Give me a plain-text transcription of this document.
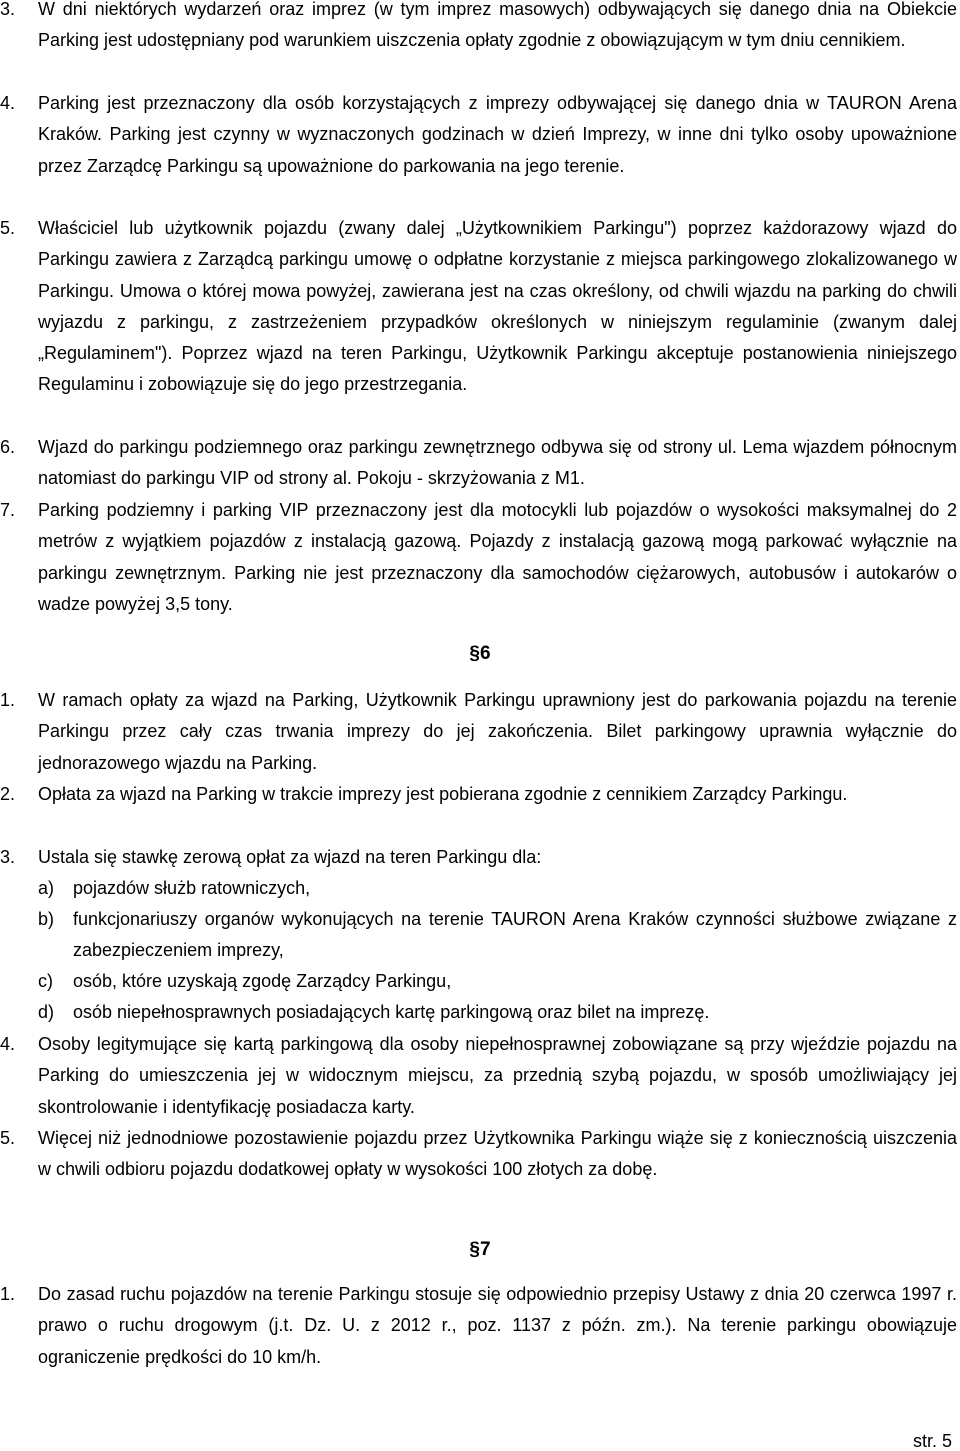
3. W dni niektórych wydarzeń oraz imprez (w tym imprez masowych) odbywających się danego dnia na Obiekcie Parking jest udostępniany pod warunkiem uiszczenia opłaty zgodnie z obowiązującym w tym dniu cennikiem.
4. Parking jest przeznaczony dla osób korzystających z imprezy odbywającej się danego dnia w TAURON Arena Kraków. Parking jest czynny w wyznaczonych godzinach w dzień Imprezy, w inne dni tylko osoby upoważnione przez Zarządcę Parkingu są upoważnione do parkowania na jego terenie.
5. Właściciel lub użytkownik pojazdu (zwany dalej „Użytkownikiem Parkingu") poprzez każdorazowy wjazd do Parkingu zawiera z Zarządcą parkingu umowę o odpłatne korzystanie z miejsca parkingowego zlokalizowanego w Parkingu. Umowa o której mowa powyżej, zawierana jest na czas określony, od chwili wjazdu na parking do chwili wyjazdu z parkingu, z zastrzeżeniem przypadków określonych w niniejszym regulaminie (zwanym dalej „Regulaminem"). Poprzez wjazd na teren Parkingu, Użytkownik Parkingu akceptuje postanowienia niniejszego Regulaminu i zobowiązuje się do jego przestrzegania.
6. Wjazd do parkingu podziemnego oraz parkingu zewnętrznego odbywa się od strony ul. Lema wjazdem północnym natomiast do parkingu VIP od strony al. Pokoju - skrzyżowania z M1.
7. Parking podziemny i parking VIP przeznaczony jest dla motocykli lub pojazdów o wysokości maksymalnej do 2 metrów z wyjątkiem pojazdów z instalacją gazową. Pojazdy z instalacją gazową mogą parkować wyłącznie na parkingu zewnętrznym. Parking nie jest przeznaczony dla samochodów ciężarowych, autobusów i autokarów o wadze powyżej 3,5 tony.
§6
1. W ramach opłaty za wjazd na Parking, Użytkownik Parkingu uprawniony jest do parkowania pojazdu na terenie Parkingu przez cały czas trwania imprezy do jej zakończenia. Bilet parkingowy uprawnia wyłącznie do jednorazowego wjazdu na Parking.
2. Opłata za wjazd na Parking w trakcie imprezy jest pobierana zgodnie z cennikiem Zarządcy Parkingu.
3. Ustala się stawkę zerową opłat za wjazd na teren Parkingu dla:
a) pojazdów służb ratowniczych,
b) funkcjonariuszy organów wykonujących na terenie TAURON Arena Kraków czynności służbowe związane z zabezpieczeniem imprezy,
c) osób, które uzyskają zgodę Zarządcy Parkingu,
d) osób niepełnosprawnych posiadających kartę parkingową oraz bilet na imprezę.
4. Osoby legitymujące się kartą parkingową dla osoby niepełnosprawnej zobowiązane są przy wjeździe pojazdu na Parking do umieszczenia jej w widocznym miejscu, za przednią szybą pojazdu, w sposób umożliwiający jej skontrolowanie i identyfikację posiadacza karty.
5. Więcej niż jednodniowe pozostawienie pojazdu przez Użytkownika Parkingu wiąże się z koniecznością uiszczenia w chwili odbioru pojazdu dodatkowej opłaty w wysokości 100 złotych za dobę.
§7
1. Do zasad ruchu pojazdów na terenie Parkingu stosuje się odpowiednio przepisy Ustawy z dnia 20 czerwca 1997 r. prawo o ruchu drogowym (j.t. Dz. U. z 2012 r., poz. 1137 z późn. zm.). Na terenie parkingu obowiązuje ograniczenie prędkości do 10 km/h.
str. 5
